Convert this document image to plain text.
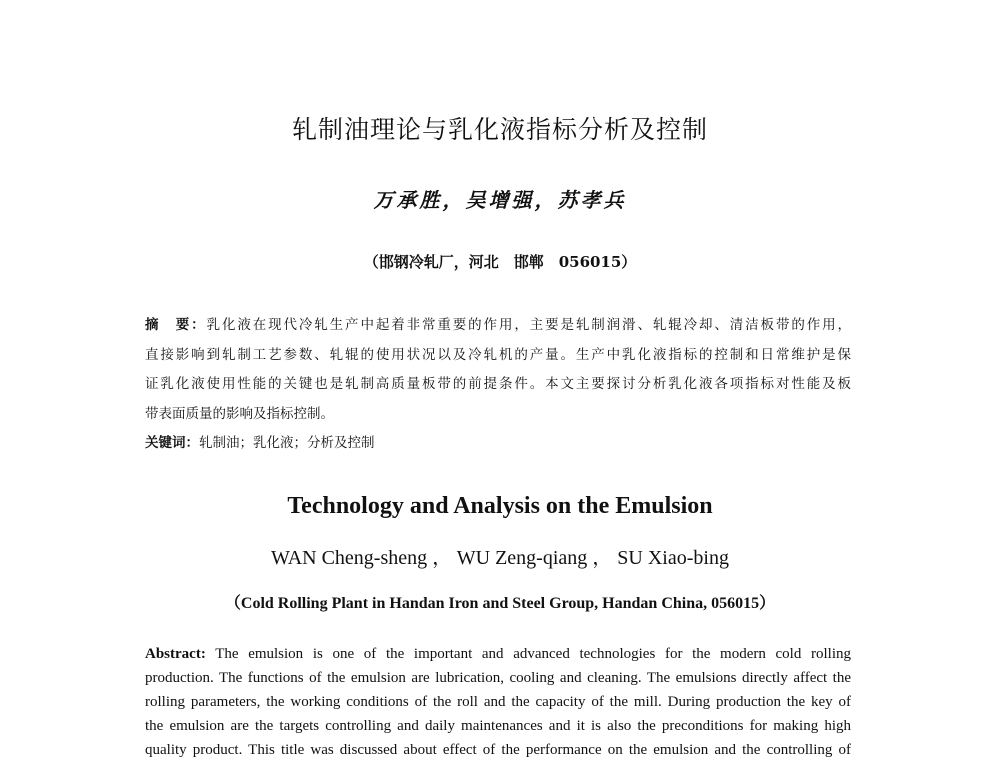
轧制油理论与乳化液指标分析及控制
万承胜，吴增强，苏孝兵
（邯钢冷轧厂，河北　邯郸　056015）
摘　要：乳化液在现代冷轧生产中起着非常重要的作用，主要是轧制润滑、轧辊冷却、清洁板带的作用，
直接影响到轧制工艺参数、轧辊的使用状况以及冷轧机的产量。生产中乳化液指标的控制和日常维护是保
证乳化液使用性能的关键也是轧制高质量板带的前提条件。本文主要探讨分析乳化液各项指标对性能及板
带表面质量的影响及指标控制。
关键词：轧制油；乳化液；分析及控制
Technology and Analysis on the Emulsion
WAN Cheng-sheng ， WU Zeng-qiang ， SU Xiao-bing
（Cold Rolling Plant in Handan Iron and Steel Group, Handan China, 056015）
Abstract: The emulsion is one of the important and advanced technologies for the modern cold rolling
production. The functions of the emulsion are lubrication, cooling and cleaning. The emulsions directly affect the
rolling parameters, the working conditions of the roll and the capacity of the mill. During production the key of
the emulsion are the targets controlling and daily maintenances and it is also the preconditions for making high
quality product. This title was discussed about effect of the performance on the emulsion and the controlling of
